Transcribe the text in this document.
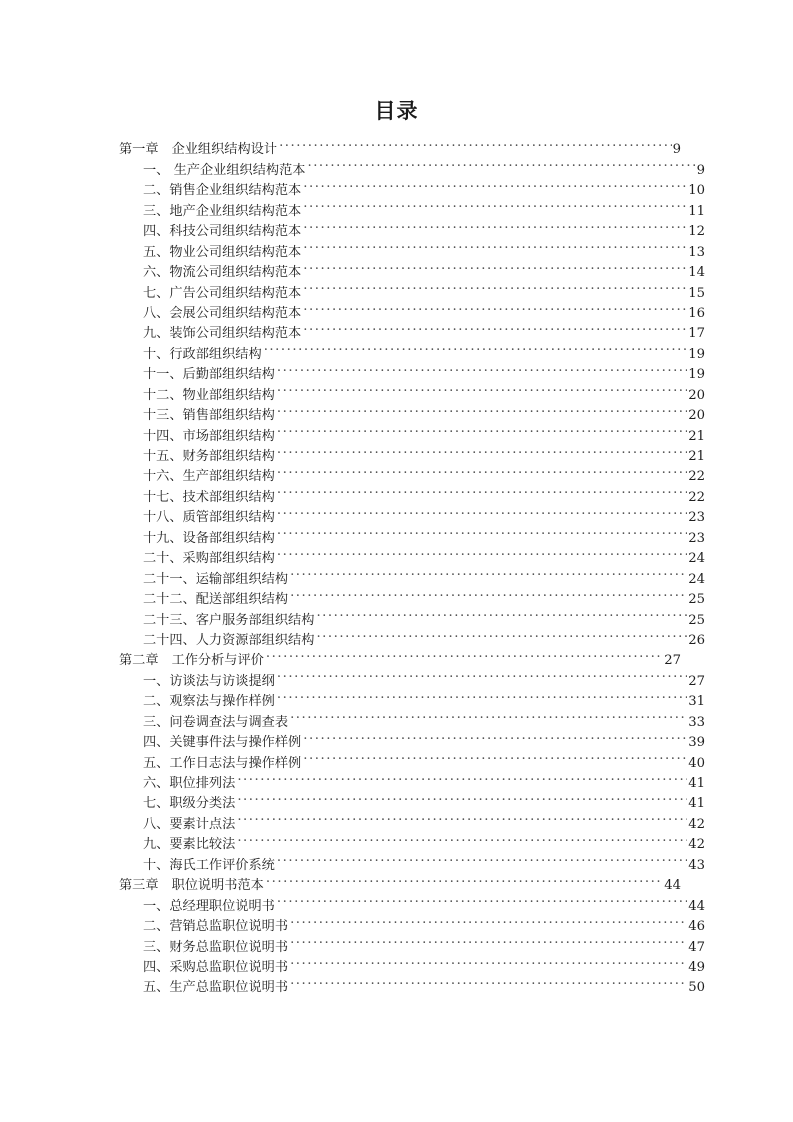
目录
第一章 企业组织结构设计 .....	9
一、 生产企业组织结构范本 .....	9
二、销售企业组织结构范本 .....	10
三、地产企业组织结构范本 .....	11
四、科技公司组织结构范本 .....	12
五、物业公司组织结构范本 .....	13
六、物流公司组织结构范本 .....	14
七、广告公司组织结构范本 .....	15
八、会展公司组织结构范本 .....	16
九、装饰公司组织结构范本 .....	17
十、行政部组织结构 .....	19
十一、后勤部组织结构 .....	19
十二、物业部组织结构 .....	20
十三、销售部组织结构 .....	20
十四、市场部组织结构 .....	21
十五、财务部组织结构 .....	21
十六、生产部组织结构 .....	22
十七、技术部组织结构 .....	22
十八、质管部组织结构 .....	23
十九、设备部组织结构 .....	23
二十、采购部组织结构 .....	24
二十一、运输部组织结构 .....	24
二十二、配送部组织结构 .....	25
二十三、客户服务部组织结构 .....	25
二十四、人力资源部组织结构 .....	26
第二章 工作分析与评价 .....	27
一、访谈法与访谈提纲 .....	27
二、观察法与操作样例 .....	31
三、问卷调查法与调查表 .....	33
四、关键事件法与操作样例 .....	39
五、工作日志法与操作样例 .....	40
六、职位排列法 .....	41
七、职级分类法 .....	41
八、要素计点法 .....	42
九、要素比较法 .....	42
十、海氏工作评价系统 .....	43
第三章 职位说明书范本 .....	44
一、总经理职位说明书 .....	44
二、营销总监职位说明书 .....	46
三、财务总监职位说明书 .....	47
四、采购总监职位说明书 .....	49
五、生产总监职位说明书 .....	50
